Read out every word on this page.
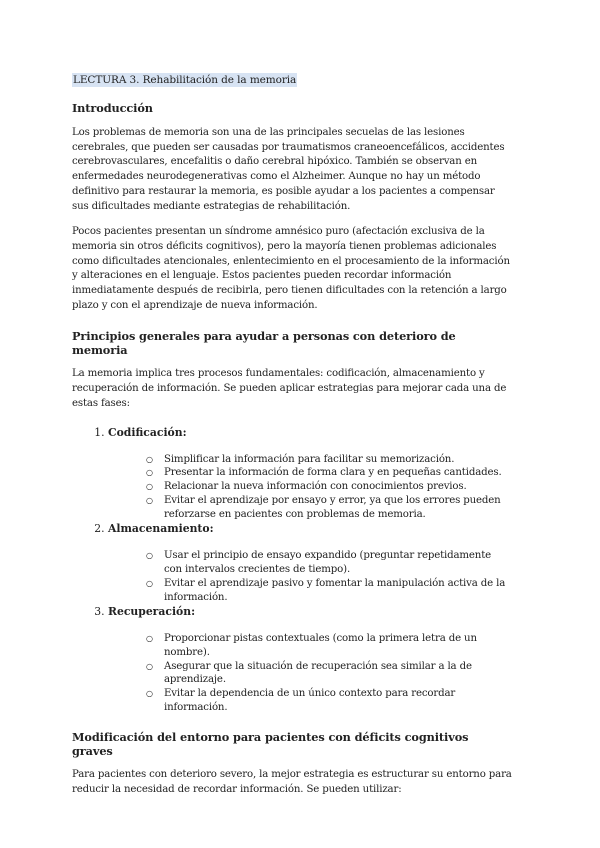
LECTURA 3. Rehabilitación de la memoria
Introducción

Los problemas de memoria son una de las principales secuelas de las lesiones cerebrales, que pueden ser causadas por traumatismos craneoencefálicos, accidentes cerebrovasculares, encefalitis o daño cerebral hipóxico. También se observan en enfermedades neurodegenerativas como el Alzheimer. Aunque no hay un método definitivo para restaurar la memoria, es posible ayudar a los pacientes a compensar sus dificultades mediante estrategias de rehabilitación.

Pocos pacientes presentan un síndrome amnésico puro (afectación exclusiva de la memoria sin otros déficits cognitivos), pero la mayoría tienen problemas adicionales como dificultades atencionales, enlentecimiento en el procesamiento de la información y alteraciones en el lenguaje. Estos pacientes pueden recordar información inmediatamente después de recibirla, pero tienen dificultades con la retención a largo plazo y con el aprendizaje de nueva información.

Principios generales para ayudar a personas con deterioro de memoria

La memoria implica tres procesos fundamentales: codificación, almacenamiento y recuperación de información. Se pueden aplicar estrategias para mejorar cada una de estas fases:

1. Codificación:
○ Simplificar la información para facilitar su memorización.
○ Presentar la información de forma clara y en pequeñas cantidades.
○ Relacionar la nueva información con conocimientos previos.
○ Evitar el aprendizaje por ensayo y error, ya que los errores pueden reforzarse en pacientes con problemas de memoria.
2. Almacenamiento:
○ Usar el principio de ensayo expandido (preguntar repetidamente con intervalos crecientes de tiempo).
○ Evitar el aprendizaje pasivo y fomentar la manipulación activa de la información.
3. Recuperación:
○ Proporcionar pistas contextuales (como la primera letra de un nombre).
○ Asegurar que la situación de recuperación sea similar a la de aprendizaje.
○ Evitar la dependencia de un único contexto para recordar información.
Modificación del entorno para pacientes con déficits cognitivos graves

Para pacientes con deterioro severo, la mejor estrategia es estructurar su entorno para reducir la necesidad de recordar información. Se pueden utilizar:
